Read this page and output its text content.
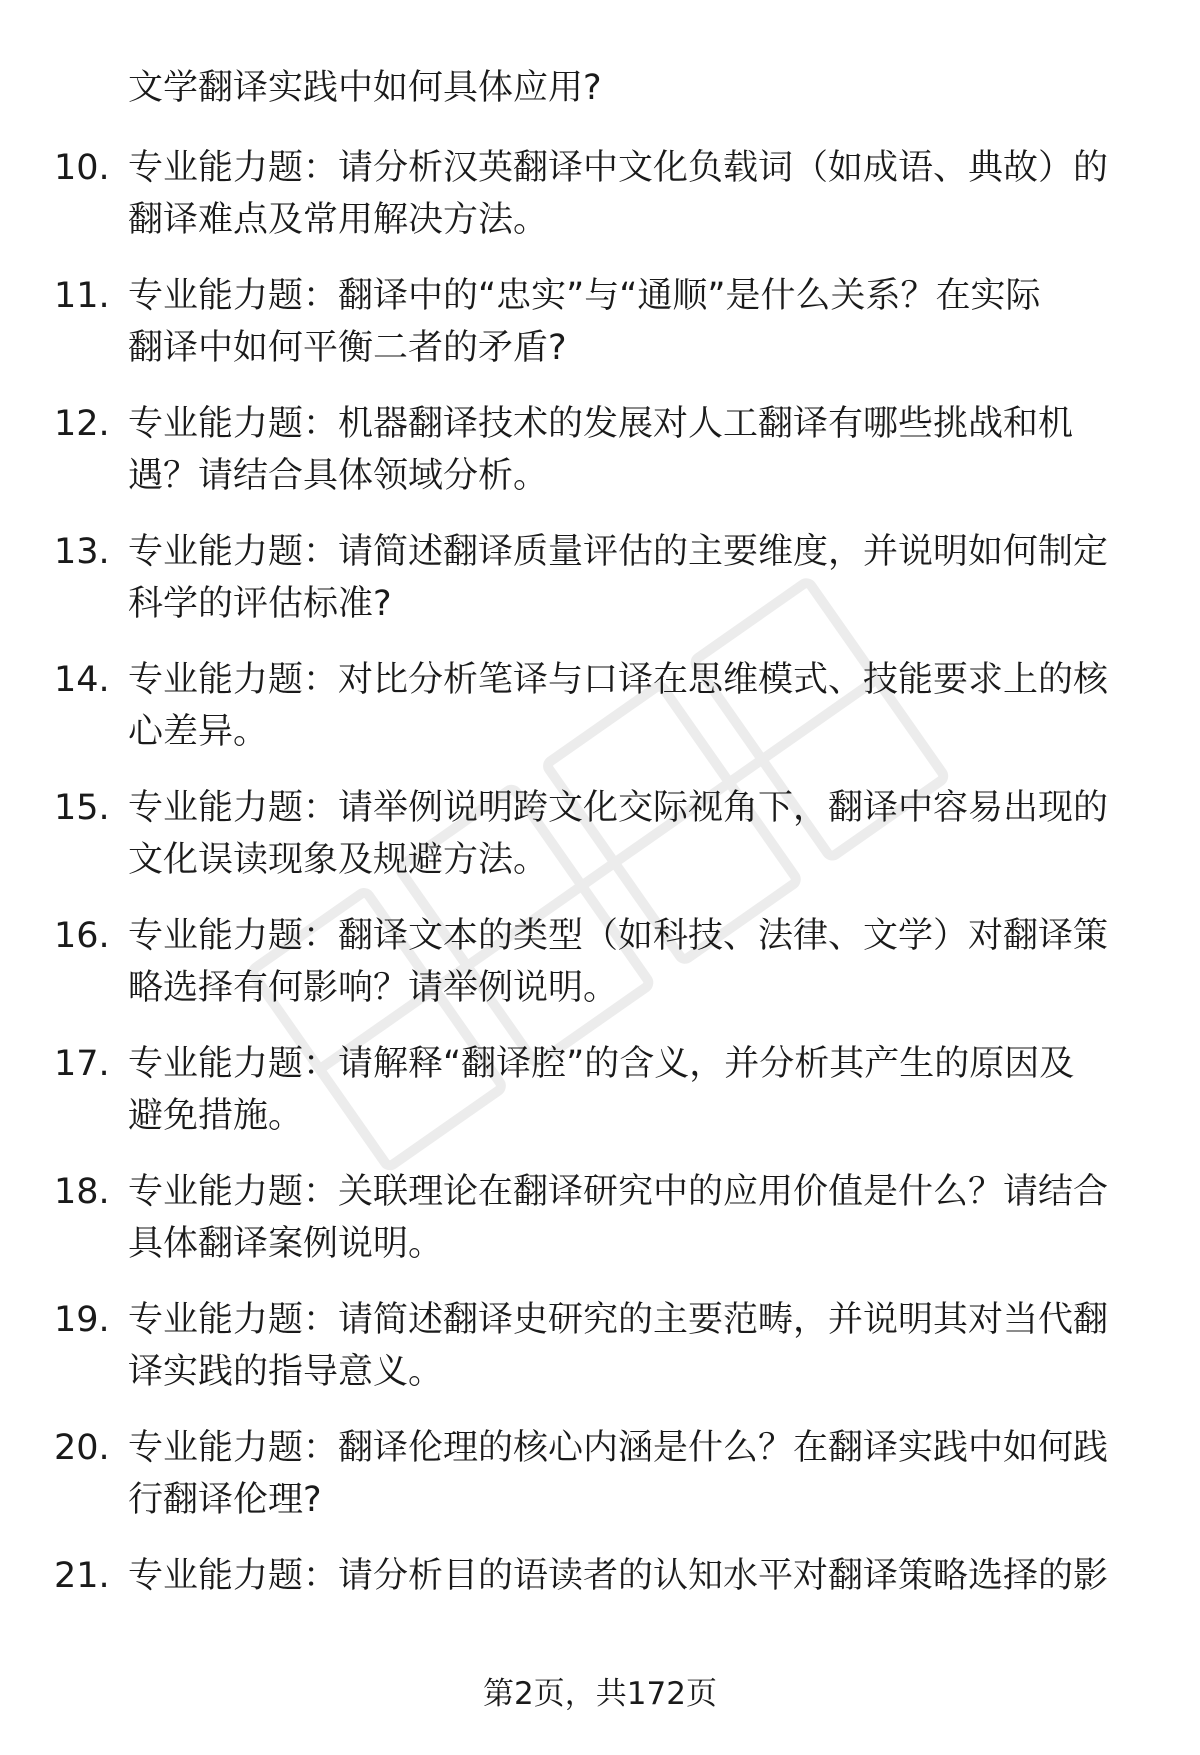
文学翻译实践中如何具体应用?
10. 专业能力题：请分析汉英翻译中文化负载词（如成语、典故）的
翻译难点及常用解决方法。
11. 专业能力题：翻译中的“忠实”与“通顺”是什么关系？在实际
翻译中如何平衡二者的矛盾?
12. 专业能力题：机器翻译技术的发展对人工翻译有哪些挑战和机
遇？请结合具体领域分析。
13. 专业能力题：请简述翻译质量评估的主要维度，并说明如何制定
科学的评估标准?
14. 专业能力题：对比分析笔译与口译在思维模式、技能要求上的核
心差异。
15. 专业能力题：请举例说明跨文化交际视角下，翻译中容易出现的
文化误读现象及规避方法。
16. 专业能力题：翻译文本的类型（如科技、法律、文学）对翻译策
略选择有何影响？请举例说明。
17. 专业能力题：请解释“翻译腔”的含义，并分析其产生的原因及
避免措施。
18. 专业能力题：关联理论在翻译研究中的应用价值是什么？请结合
具体翻译案例说明。
19. 专业能力题：请简述翻译史研究的主要范畴，并说明其对当代翻
译实践的指导意义。
20. 专业能力题：翻译伦理的核心内涵是什么？在翻译实践中如何践
行翻译伦理?
21. 专业能力题：请分析目的语读者的认知水平对翻译策略选择的影
第2页，共172页
